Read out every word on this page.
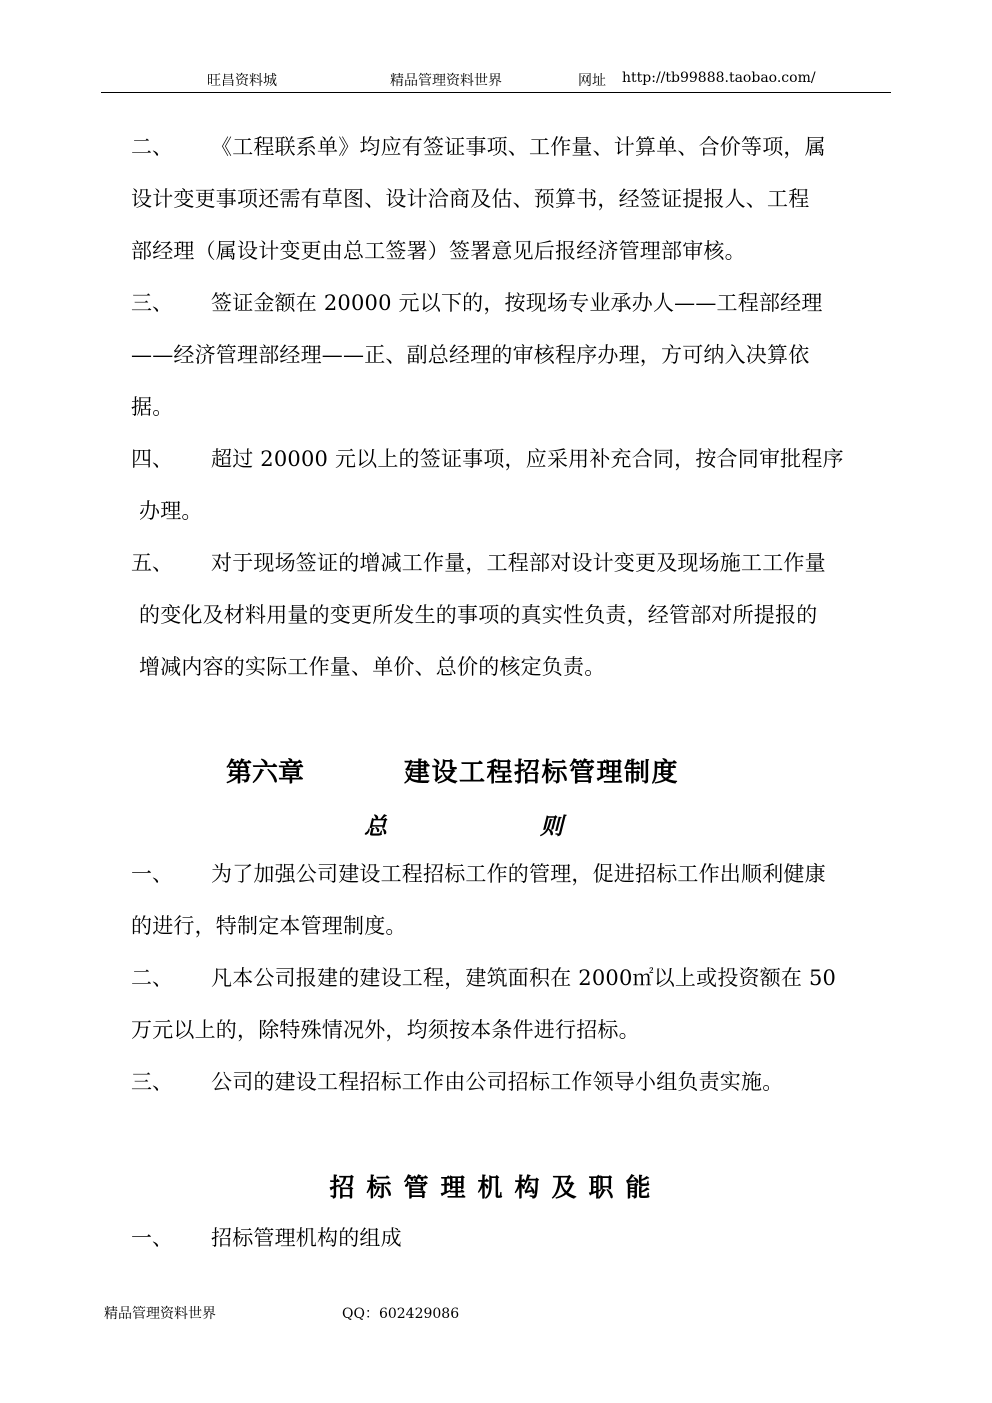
旺昌资料城	精品管理资料世界	网址 http://tb99888.taobao.com/
二、 《工程联系单》均应有签证事项、工作量、计算单、合价等项，属
设计变更事项还需有草图、设计洽商及估、预算书，经签证提报人、工程
部经理（属设计变更由总工签署）签署意见后报经济管理部审核。
三、 签证金额在 20000 元以下的，按现场专业承办人——工程部经理
——经济管理部经理——正、副总经理的审核程序办理，方可纳入决算依
据。
四、 超过 20000 元以上的签证事项，应采用补充合同，按合同审批程序
办理。
五、 对于现场签证的增减工作量，工程部对设计变更及现场施工工作量
的变化及材料用量的变更所发生的事项的真实性负责，经管部对所提报的
增减内容的实际工作量、单价、总价的核定负责。
第六章	建设工程招标管理制度
总	则
一、 为了加强公司建设工程招标工作的管理，促进招标工作出顺利健康
的进行，特制定本管理制度。
二、 凡本公司报建的建设工程，建筑面积在 2000㎡以上或投资额在 50
万元以上的，除特殊情况外，均须按本条件进行招标。
三、 公司的建设工程招标工作由公司招标工作领导小组负责实施。
招标管理机构及职能
一、 招标管理机构的组成
精品管理资料世界	QQ：602429086
